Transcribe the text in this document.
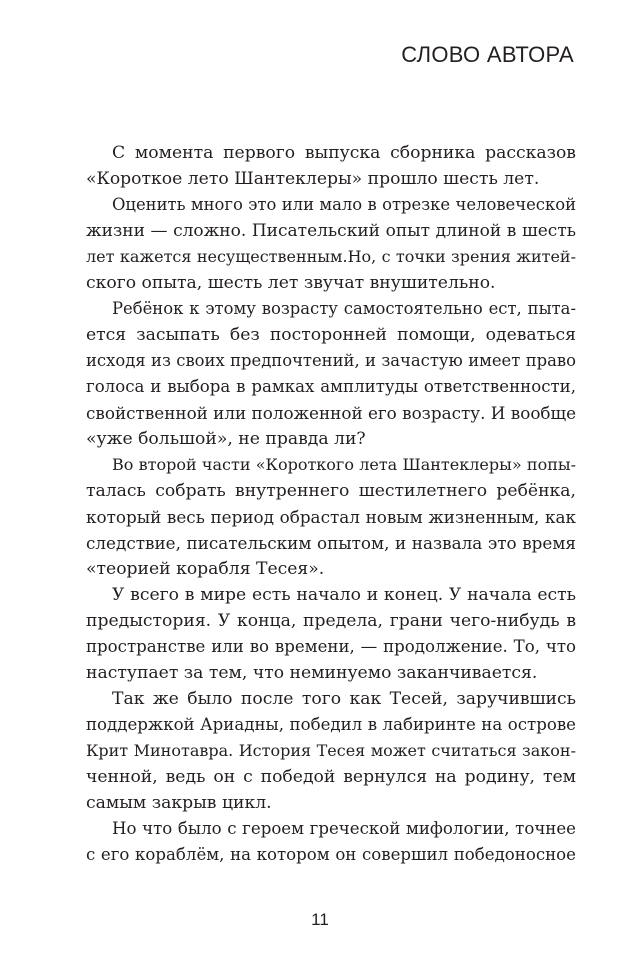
СЛОВО АВТОРА
С момента первого выпуска сборника рассказов
«Короткое лето Шантеклеры» прошло шесть лет.
Оценить много это или мало в отрезке человеческой
жизни — сложно. Писательский опыт длиной в шесть
лет кажется несущественным.Но, с точки зрения житей-
ского опыта, шесть лет звучат внушительно.
Ребёнок к этому возрасту самостоятельно ест, пыта-
ется засыпать без посторонней помощи, одеваться
исходя из своих предпочтений, и зачастую имеет право
голоса и выбора в рамках амплитуды ответственности,
свойственной или положенной его возрасту. И вообще
«уже большой», не правда ли?
Во второй части «Короткого лета Шантеклеры» попы-
талась собрать внутреннего шестилетнего ребёнка,
который весь период обрастал новым жизненным, как
следствие, писательским опытом, и назвала это время
«теорией корабля Тесея».
У всего в мире есть начало и конец. У начала есть
предыстория. У конца, предела, грани чего-нибудь в
пространстве или во времени, — продолжение. То, что
наступает за тем, что неминуемо заканчивается.
Так же было после того как Тесей, заручившись
поддержкой Ариадны, победил в лабиринте на острове
Крит Минотавра. История Тесея может считаться закон-
ченной, ведь он с победой вернулся на родину, тем
самым закрыв цикл.
Но что было с героем греческой мифологии, точнее
с его кораблём, на котором он совершил победоносное
11
